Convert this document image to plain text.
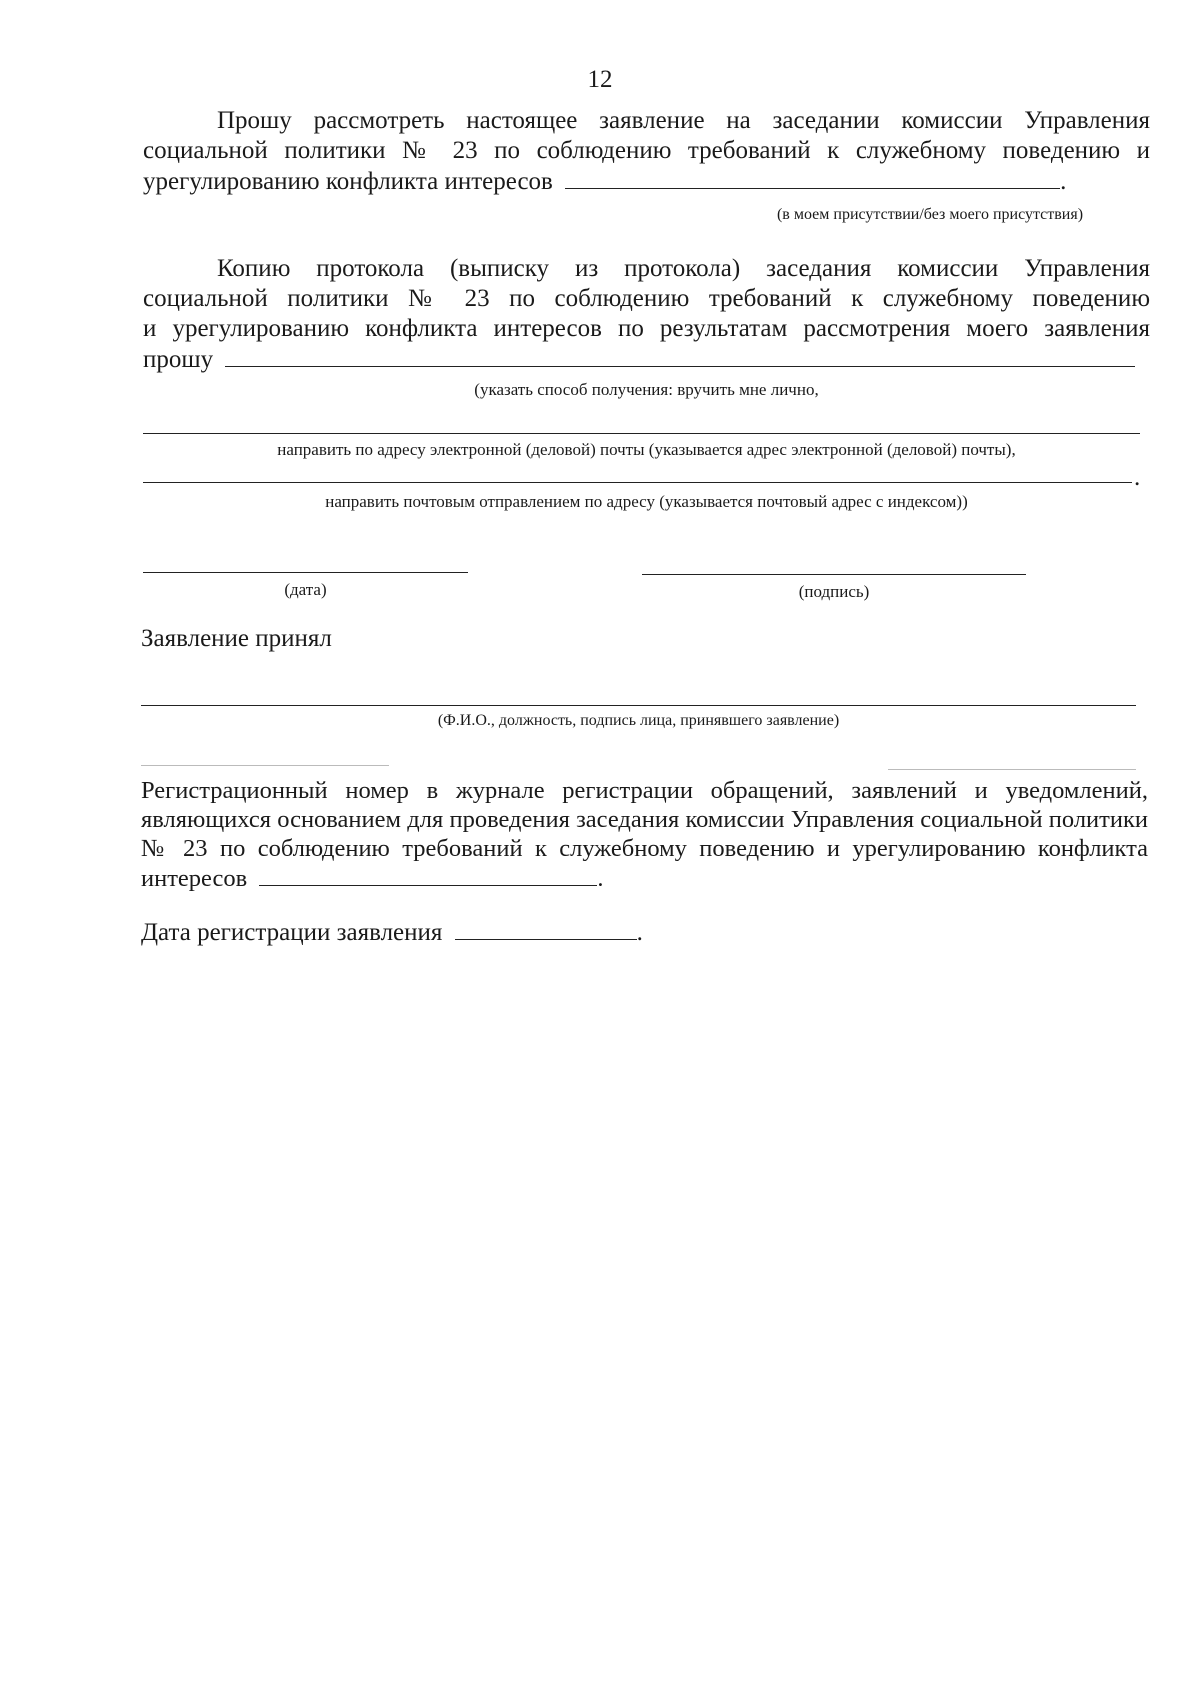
12
Прошу рассмотреть настоящее заявление на заседании комиссии Управления
социальной политики № 23 по соблюдению требований к служебному поведению и
урегулированию конфликта интересов	.
(в моем присутствии/без моего присутствия)
Копию протокола (выписку из протокола) заседания комиссии Управления
социальной политики № 23 по соблюдению требований к служебному поведению
и урегулированию конфликта интересов по результатам рассмотрения моего заявления
прошу
(указать способ получения: вручить мне лично,
направить по адресу электронной (деловой) почты (указывается адрес электронной (деловой) почты),
.
направить почтовым отправлением по адресу (указывается почтовый адрес с индексом))
(дата)	(подпись)
Заявление принял
(Ф.И.О., должность, подпись лица, принявшего заявление)
Регистрационный номер в журнале регистрации обращений, заявлений и уведомлений,
являющихся основанием для проведения заседания комиссии Управления социальной политики
№ 23 по соблюдению требований к служебному поведению и урегулированию конфликта
интересов	.
Дата регистрации заявления	.
